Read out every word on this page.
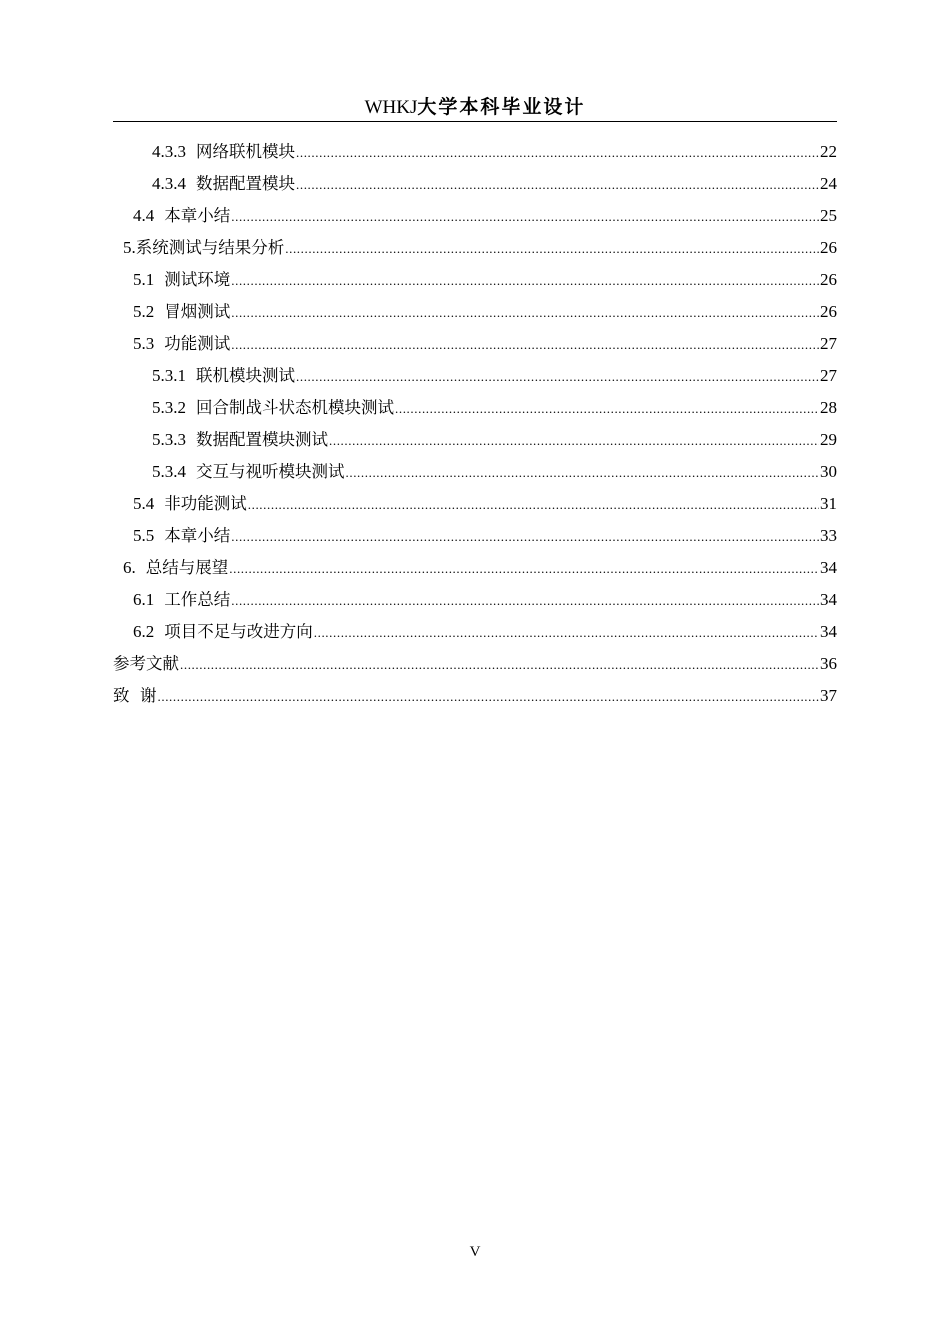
WHKJ大学本科毕业设计
4.3.3 网络联机模块 .....	22
4.3.4 数据配置模块 .....	24
4.4 本章小结 .....	25
5. 系统测试与结果分析 .....	26
5.1 测试环境 .....	26
5.2 冒烟测试 .....	26
5.3 功能测试 .....	27
5.3.1 联机模块测试 .....	27
5.3.2 回合制战斗状态机模块测试 .....	28
5.3.3 数据配置模块测试 .....	29
5.3.4 交互与视听模块测试 .....	30
5.4 非功能测试 .....	31
5.5 本章小结 .....	33
6. 总结与展望 .....	34
6.1 工作总结 .....	34
6.2 项目不足与改进方向 .....	34
参考文献 .....	36
致  谢 .....	37
V
